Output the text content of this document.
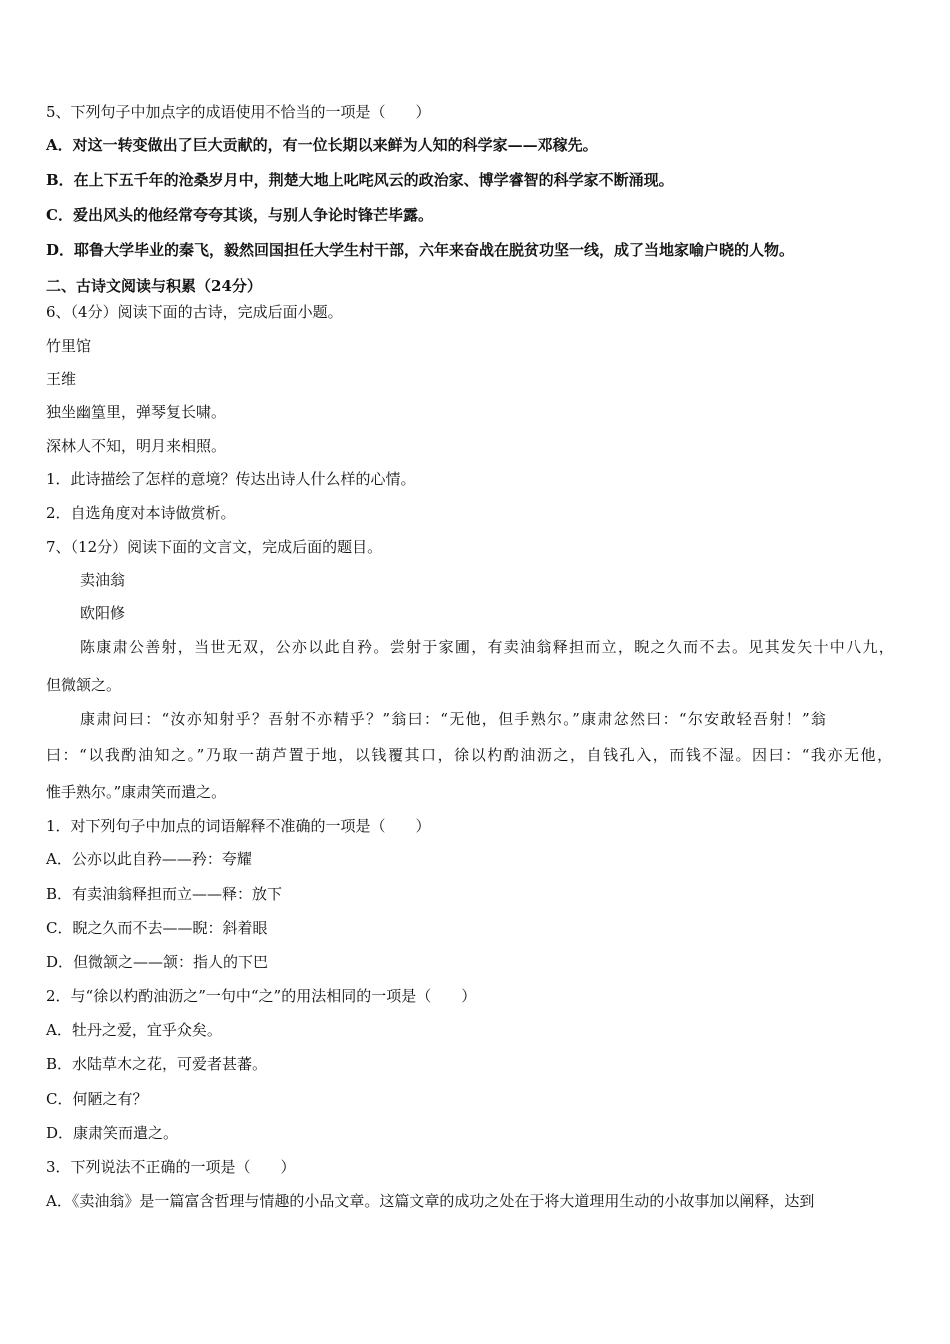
5、下列句子中加点字的成语使用不恰当的一项是（　　）
A．对这一转变做出了巨大贡献的，有一位长期以来鲜为人知的科学家——邓稼先。
B．在上下五千年的沧桑岁月中，荆楚大地上叱咤风云的政治家、博学睿智的科学家不断涌现。
C．爱出风头的他经常夸夸其谈，与别人争论时锋芒毕露。
D．耶鲁大学毕业的秦飞，毅然回国担任大学生村干部，六年来奋战在脱贫功坚一线，成了当地家喻户晓的人物。
二、古诗文阅读与积累（24分）
6、（4分）阅读下面的古诗，完成后面小题。
竹里馆
王维
独坐幽篁里，弹琴复长啸。
深林人不知，明月来相照。
1．此诗描绘了怎样的意境？传达出诗人什么样的心情。
2．自选角度对本诗做赏析。
7、（12分）阅读下面的文言文，完成后面的题目。
卖油翁
欧阳修
陈康肃公善射，当世无双，公亦以此自矜。尝射于家圃，有卖油翁释担而立，睨之久而不去。见其发矢十中八九，
但微颔之。
康肃问曰：“汝亦知射乎？吾射不亦精乎？”翁曰：“无他，但手熟尔。”康肃忿然曰：“尔安敢轻吾射！”翁
曰：“以我酌油知之。”乃取一葫芦置于地，以钱覆其口，徐以杓酌油沥之，自钱孔入，而钱不湿。因曰：“我亦无他，
惟手熟尔。”康肃笑而遣之。
1．对下列句子中加点的词语解释不准确的一项是（　　）
A．公亦以此自矜——矜：夸耀
B．有卖油翁释担而立——释：放下
C．睨之久而不去——睨：斜着眼
D．但微颔之——颔：指人的下巴
2．与“徐以杓酌油沥之”一句中“之”的用法相同的一项是（　　）
A．牡丹之爱，宜乎众矣。
B．水陆草木之花，可爱者甚蕃。
C．何陋之有？
D．康肃笑而遣之。
3．下列说法不正确的一项是（　　）
A．《卖油翁》是一篇富含哲理与情趣的小品文章。这篇文章的成功之处在于将大道理用生动的小故事加以阐释，达到
